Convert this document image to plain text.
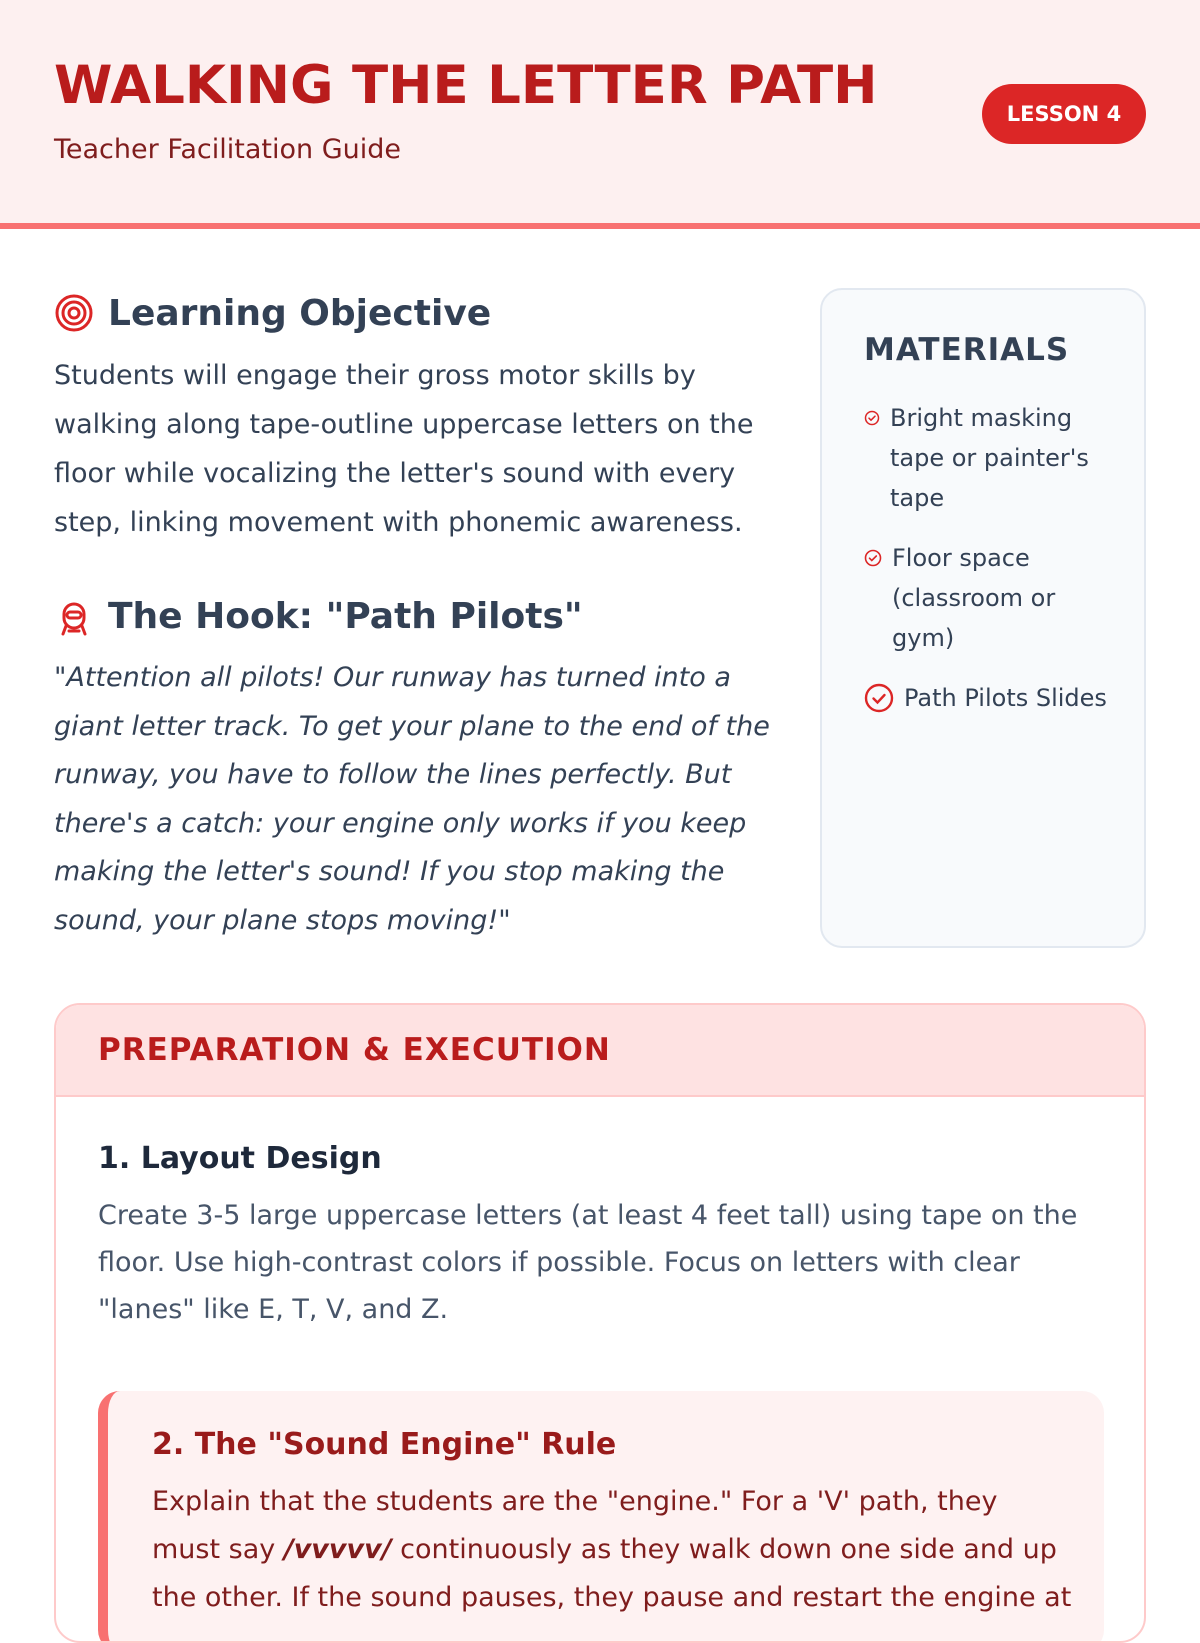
WALKING THE LETTER PATH
Teacher Facilitation Guide
LESSON 4
Learning Objective

Students will engage their gross motor skills by walking along tape-outline uppercase letters on the floor while vocalizing the letter's sound with every step, linking movement with phonemic awareness.

The Hook: "Path Pilots"

"Attention all pilots! Our runway has turned into a giant letter track. To get your plane to the end of the runway, you have to follow the lines perfectly. But there's a catch: your engine only works if you keep making the letter's sound! If you stop making the sound, your plane stops moving!"

MATERIALS
Bright masking tape or painter's tape
Floor space (classroom or gym)
Path Pilots Slides
PREPARATION & EXECUTION
1. Layout Design

Create 3-5 large uppercase letters (at least 4 feet tall) using tape on the floor. Use high-contrast colors if possible. Focus on letters with clear "lanes" like E, T, V, and Z.

2. The "Sound Engine" Rule

Explain that the students are the "engine." For a 'V' path, they must say /vvvvv/ continuously as they walk down one side and up the other. If the sound pauses, they pause and restart the engine at
